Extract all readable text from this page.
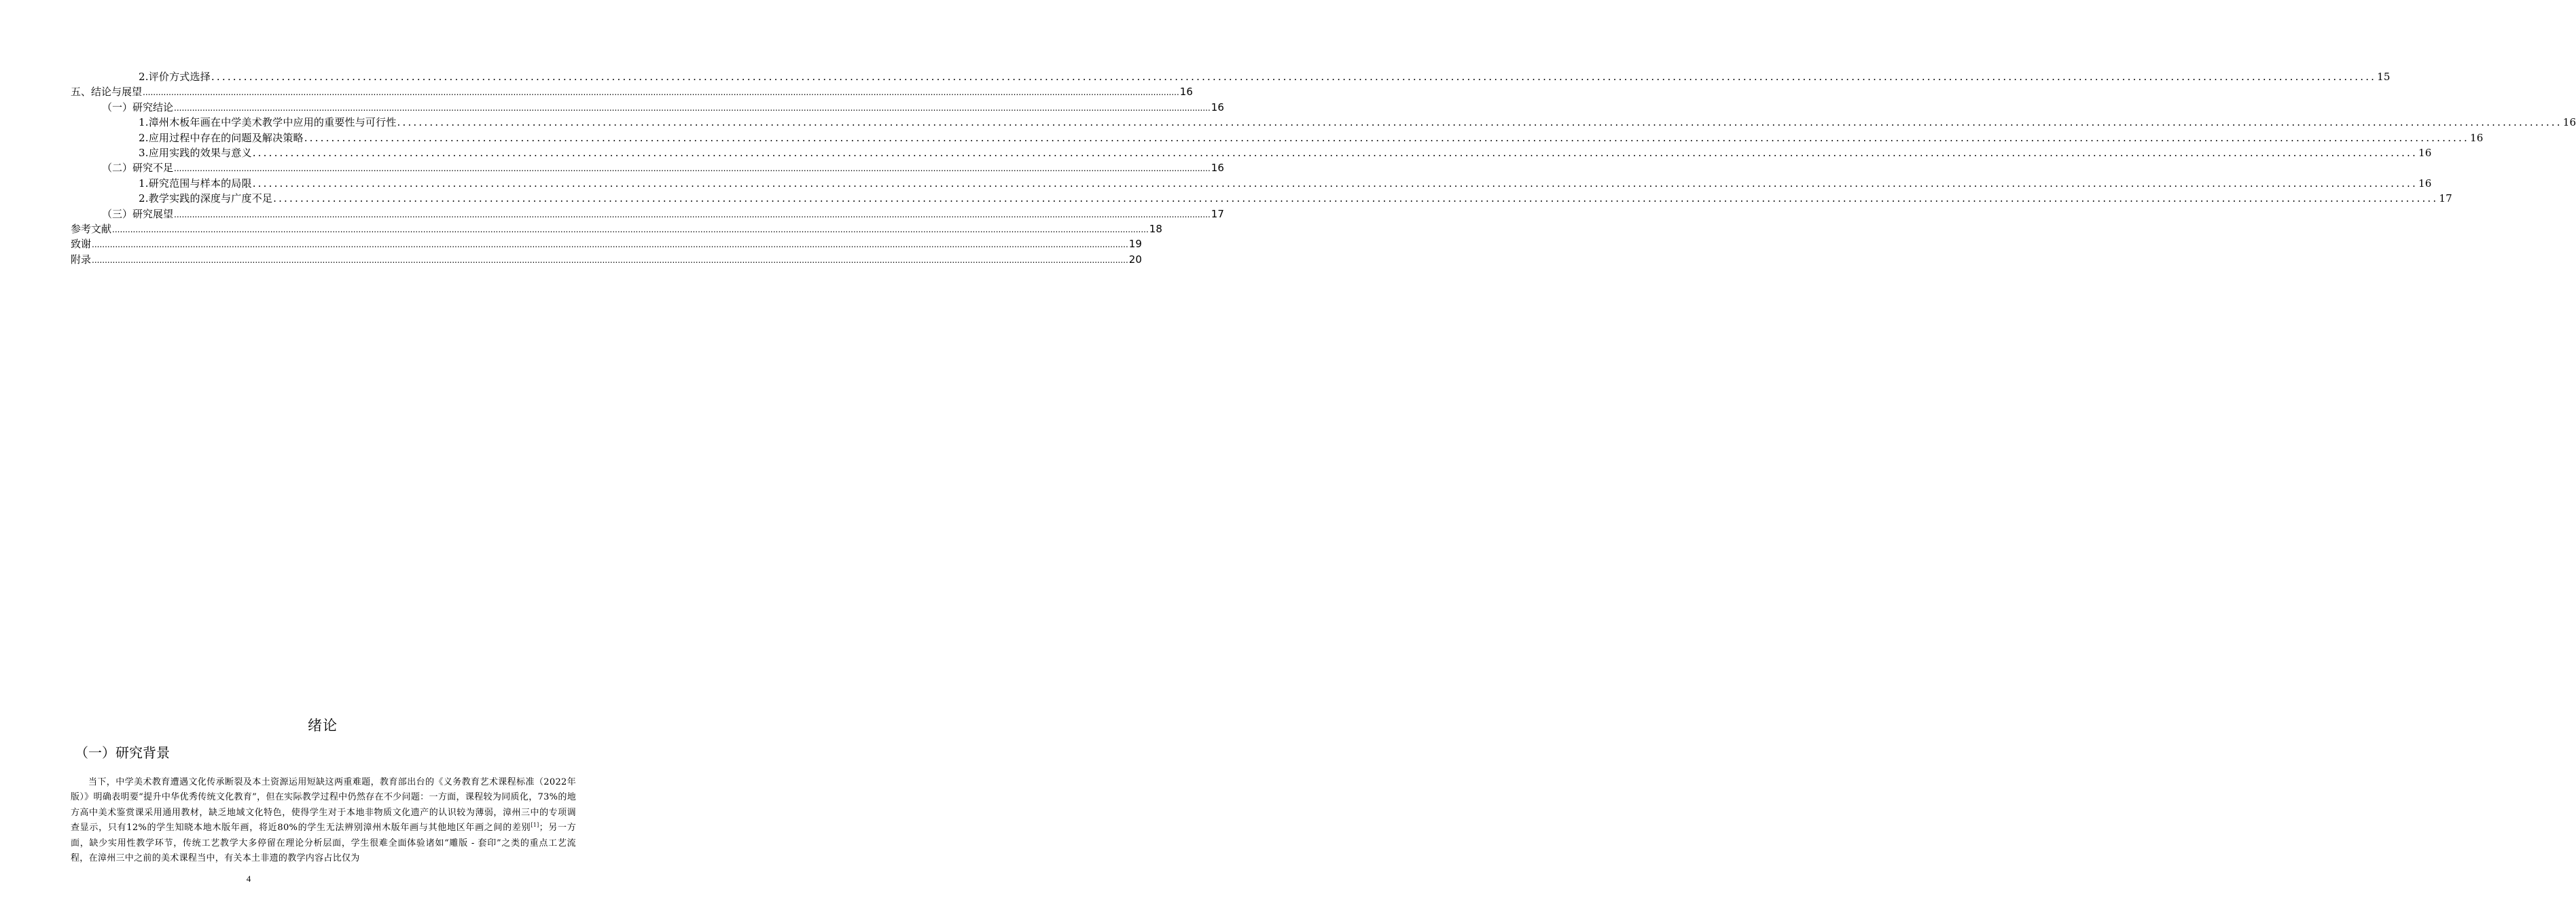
2.评价方式选择 ................................................................................................................................................................................................................................................................................................................................................................................................................ 15
五、结论与展望 ................................................................................................................................................................................................................................................................................................................................................................................................................ 16
（一）研究结论 ................................................................................................................................................................................................................................................................................................................................................................................................................ 16
1.漳州木板年画在中学美术教学中应用的重要性与可行性 ................................................................................................................................................................................................................................................................................................................................................................................................................ 16
2.应用过程中存在的问题及解决策略 ................................................................................................................................................................................................................................................................................................................................................................................................................ 16
3.应用实践的效果与意义 ................................................................................................................................................................................................................................................................................................................................................................................................................ 16
（二）研究不足 ................................................................................................................................................................................................................................................................................................................................................................................................................ 16
1.研究范围与样本的局限 ................................................................................................................................................................................................................................................................................................................................................................................................................ 16
2.教学实践的深度与广度不足 ................................................................................................................................................................................................................................................................................................................................................................................................................ 17
（三）研究展望 ................................................................................................................................................................................................................................................................................................................................................................................................................ 17
参考文献 ................................................................................................................................................................................................................................................................................................................................................................................................................ 18
致谢 ................................................................................................................................................................................................................................................................................................................................................................................................................ 19
附录 ................................................................................................................................................................................................................................................................................................................................................................................................................ 20
绪论
（一）研究背景

当下，中学美术教育遭遇文化传承断裂及本土资源运用短缺这两重难题，教育部出台的《义务教育艺术课程标准（2022年版）》明确表明要“提升中华优秀传统文化教育”，但在实际教学过程中仍然存在不少问题：一方面，课程较为同质化，73%的地方高中美术鉴赏课采用通用教材，缺乏地域文化特色，使得学生对于本地非物质文化遗产的认识较为薄弱，漳州三中的专项调查显示，只有12%的学生知晓本地木版年画，将近80%的学生无法辨别漳州木版年画与其他地区年画之间的差别[1]；另一方面，缺少实用性教学环节，传统工艺教学大多停留在理论分析层面，学生很难全面体验诸如“雕版 - 套印”之类的重点工艺流程，在漳州三中之前的美术课程当中，有关本土非遗的教学内容占比仅为

4
